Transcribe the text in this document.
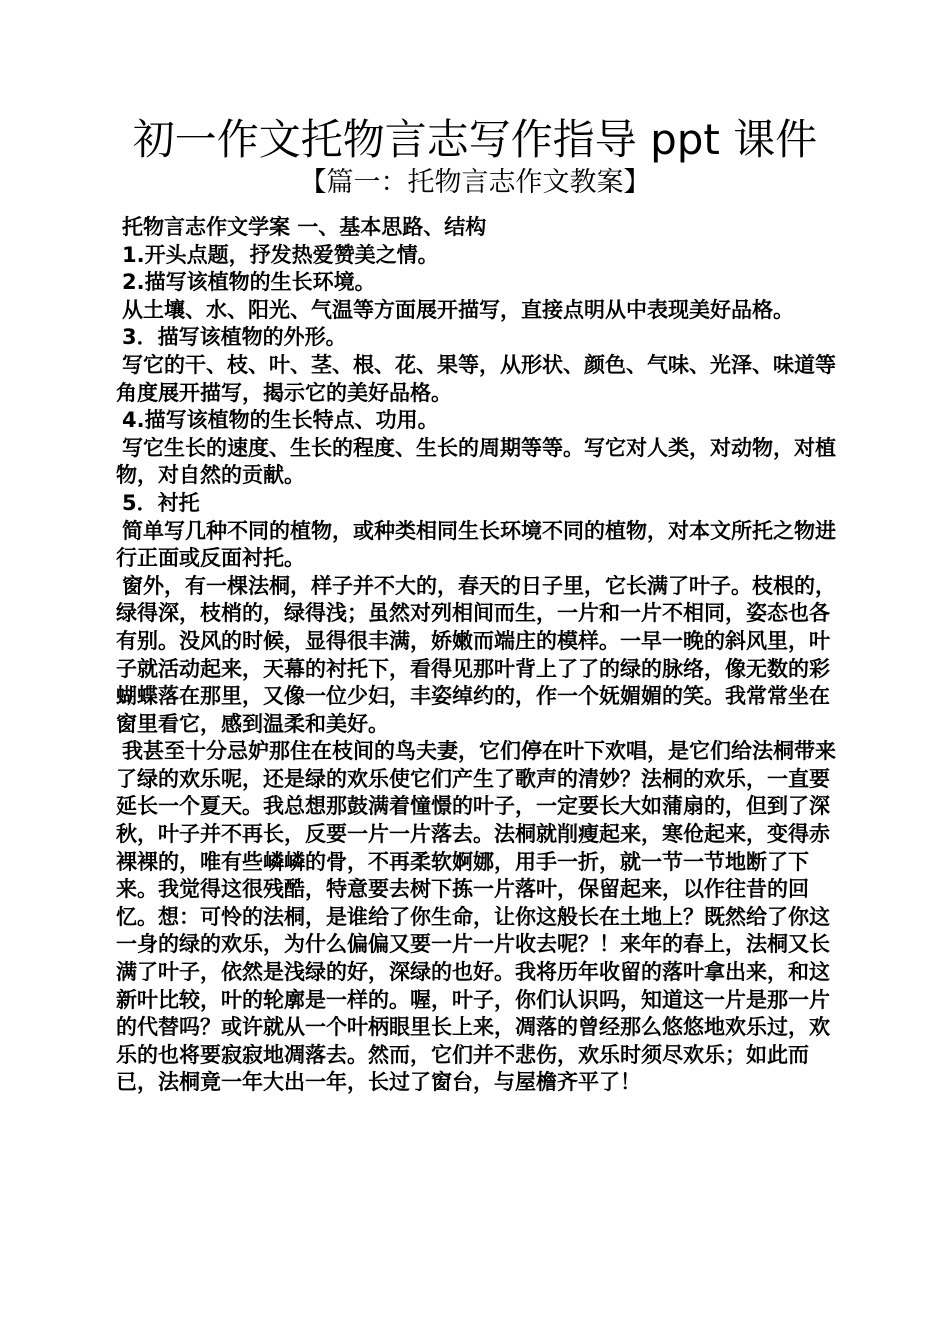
初一作文托物言志写作指导 ppt 课件
【篇一：托物言志作文教案】

托物言志作文学案 一、基本思路、结构

1.开头点题，抒发热爱赞美之情。

2.描写该植物的生长环境。

从土壤、水、阳光、气温等方面展开描写，直接点明从中表现美好品格。

3．描写该植物的外形。

写它的干、枝、叶、茎、根、花、果等，从形状、颜色、气味、光泽、味道等角度展开描写，揭示它的美好品格。

4.描写该植物的生长特点、功用。

写它生长的速度、生长的程度、生长的周期等等。写它对人类，对动物，对植物，对自然的贡献。

5．衬托

简单写几种不同的植物，或种类相同生长环境不同的植物，对本文所托之物进行正面或反面衬托。

窗外，有一棵法桐，样子并不大的，春天的日子里，它长满了叶子。枝根的，绿得深，枝梢的，绿得浅；虽然对列相间而生，一片和一片不相同，姿态也各有别。没风的时候，显得很丰满，娇嫩而端庄的模样。一早一晚的斜风里，叶子就活动起来，天幕的衬托下，看得见那叶背上了了的绿的脉络，像无数的彩蝴蝶落在那里，又像一位少妇，丰姿绰约的，作一个妩媚媚的笑。我常常坐在窗里看它，感到温柔和美好。

我甚至十分忌妒那住在枝间的鸟夫妻，它们停在叶下欢唱，是它们给法桐带来了绿的欢乐呢，还是绿的欢乐使它们产生了歌声的清妙？法桐的欢乐，一直要延长一个夏天。我总想那鼓满着憧憬的叶子，一定要长大如蒲扇的，但到了深秋，叶子并不再长，反要一片一片落去。法桐就削瘦起来，寒伧起来，变得赤裸裸的，唯有些嶙嶙的骨，不再柔软婀娜，用手一折，就一节一节地断了下来。我觉得这很残酷，特意要去树下拣一片落叶，保留起来，以作往昔的回忆。想：可怜的法桐，是谁给了你生命，让你这般长在土地上？既然给了你这一身的绿的欢乐，为什么偏偏又要一片一片收去呢？！来年的春上，法桐又长满了叶子，依然是浅绿的好，深绿的也好。我将历年收留的落叶拿出来，和这新叶比较，叶的轮廓是一样的。喔，叶子，你们认识吗，知道这一片是那一片的代替吗？或许就从一个叶柄眼里长上来，凋落的曾经那么悠悠地欢乐过，欢乐的也将要寂寂地凋落去。然而，它们并不悲伤，欢乐时须尽欢乐；如此而已，法桐竟一年大出一年，长过了窗台，与屋檐齐平了！
